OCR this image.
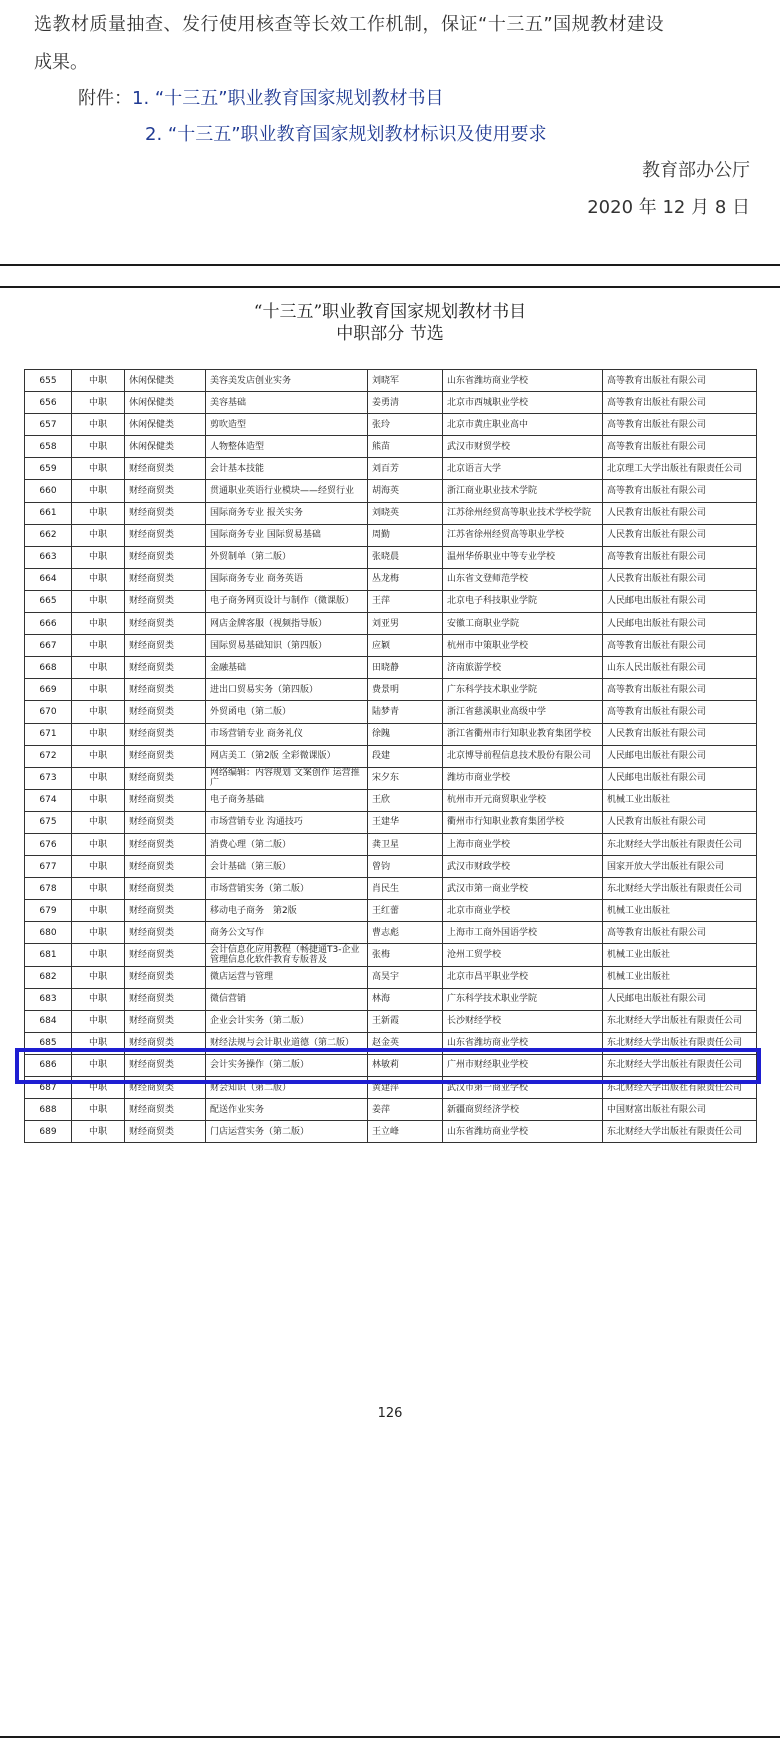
选教材质量抽查、发行使用核查等长效工作机制，保证“十三五”国规教材建设
成果。
附件：1. “十三五”职业教育国家规划教材书目
2. “十三五”职业教育国家规划教材标识及使用要求
教育部办公厅
2020 年 12 月 8 日
“十三五”职业教育国家规划教材书目
中职部分 节选
655	中职	休闲保健类	美容美发店创业实务	刘晓军	山东省潍坊商业学校	高等教育出版社有限公司
656	中职	休闲保健类	美容基础	姜勇清	北京市西城职业学校	高等教育出版社有限公司
657	中职	休闲保健类	剪吹造型	张玲	北京市黄庄职业高中	高等教育出版社有限公司
658	中职	休闲保健类	人物整体造型	熊苗	武汉市财贸学校	高等教育出版社有限公司
659	中职	财经商贸类	会计基本技能	刘百芳	北京语言大学	北京理工大学出版社有限责任公司
660	中职	财经商贸类	贯通职业英语行业模块——经贸行业	胡海英	浙江商业职业技术学院	高等教育出版社有限公司
661	中职	财经商贸类	国际商务专业 报关实务	刘晓英	江苏徐州经贸高等职业技术学校学院	人民教育出版社有限公司
662	中职	财经商贸类	国际商务专业 国际贸易基础	周勤	江苏省徐州经贸高等职业学校	人民教育出版社有限公司
663	中职	财经商贸类	外贸制单（第二版）	张晓晨	温州华侨职业中等专业学校	高等教育出版社有限公司
664	中职	财经商贸类	国际商务专业 商务英语	丛龙梅	山东省文登师范学校	人民教育出版社有限公司
665	中职	财经商贸类	电子商务网页设计与制作（微课版）	王萍	北京电子科技职业学院	人民邮电出版社有限公司
666	中职	财经商贸类	网店金牌客服（视频指导版）	刘亚男	安徽工商职业学院	人民邮电出版社有限公司
667	中职	财经商贸类	国际贸易基础知识（第四版）	应颖	杭州市中策职业学校	高等教育出版社有限公司
668	中职	财经商贸类	金融基础	田晓静	济南旅游学校	山东人民出版社有限公司
669	中职	财经商贸类	进出口贸易实务（第四版）	费景明	广东科学技术职业学院	高等教育出版社有限公司
670	中职	财经商贸类	外贸函电（第二版）	陆梦青	浙江省慈溪职业高级中学	高等教育出版社有限公司
671	中职	财经商贸类	市场营销专业 商务礼仪	徐隗	浙江省衢州市行知职业教育集团学校	人民教育出版社有限公司
672	中职	财经商贸类	网店美工（第2版 全彩微课版）	段建	北京博导前程信息技术股份有限公司	人民邮电出版社有限公司
673	中职	财经商贸类	网络编辑：内容规划 文案创作 运营推广	宋夕东	潍坊市商业学校	人民邮电出版社有限公司
674	中职	财经商贸类	电子商务基础	王欣	杭州市开元商贸职业学校	机械工业出版社
675	中职	财经商贸类	市场营销专业 沟通技巧	王建华	衢州市行知职业教育集团学校	人民教育出版社有限公司
676	中职	财经商贸类	消费心理（第二版）	龚卫星	上海市商业学校	东北财经大学出版社有限责任公司
677	中职	财经商贸类	会计基础（第三版）	曾钧	武汉市财政学校	国家开放大学出版社有限公司
678	中职	财经商贸类	市场营销实务（第二版）	肖民生	武汉市第一商业学校	东北财经大学出版社有限责任公司
679	中职	财经商贸类	移动电子商务　第2版	王红蕾	北京市商业学校	机械工业出版社
680	中职	财经商贸类	商务公文写作	曹志彪	上海市工商外国语学校	高等教育出版社有限公司
681	中职	财经商贸类	会计信息化应用教程（畅捷通T3-企业管理信息化软件教育专版普及	张梅	沧州工贸学校	机械工业出版社
682	中职	财经商贸类	微店运营与管理	高昊宇	北京市昌平职业学校	机械工业出版社
683	中职	财经商贸类	微信营销	林海	广东科学技术职业学院	人民邮电出版社有限公司
684	中职	财经商贸类	企业会计实务（第二版）	王新霞	长沙财经学校	东北财经大学出版社有限责任公司
685	中职	财经商贸类	财经法规与会计职业道德（第二版）	赵金英	山东省潍坊商业学校	东北财经大学出版社有限责任公司
686	中职	财经商贸类	会计实务操作（第二版）	林敏莉	广州市财经职业学校	东北财经大学出版社有限责任公司
687	中职	财经商贸类	财会知识（第二版）	黄建萍	武汉市第一商业学校	东北财经大学出版社有限责任公司
688	中职	财经商贸类	配送作业实务	姜萍	新疆商贸经济学校	中国财富出版社有限公司
689	中职	财经商贸类	门店运营实务（第二版）	王立峰	山东省潍坊商业学校	东北财经大学出版社有限责任公司
126
